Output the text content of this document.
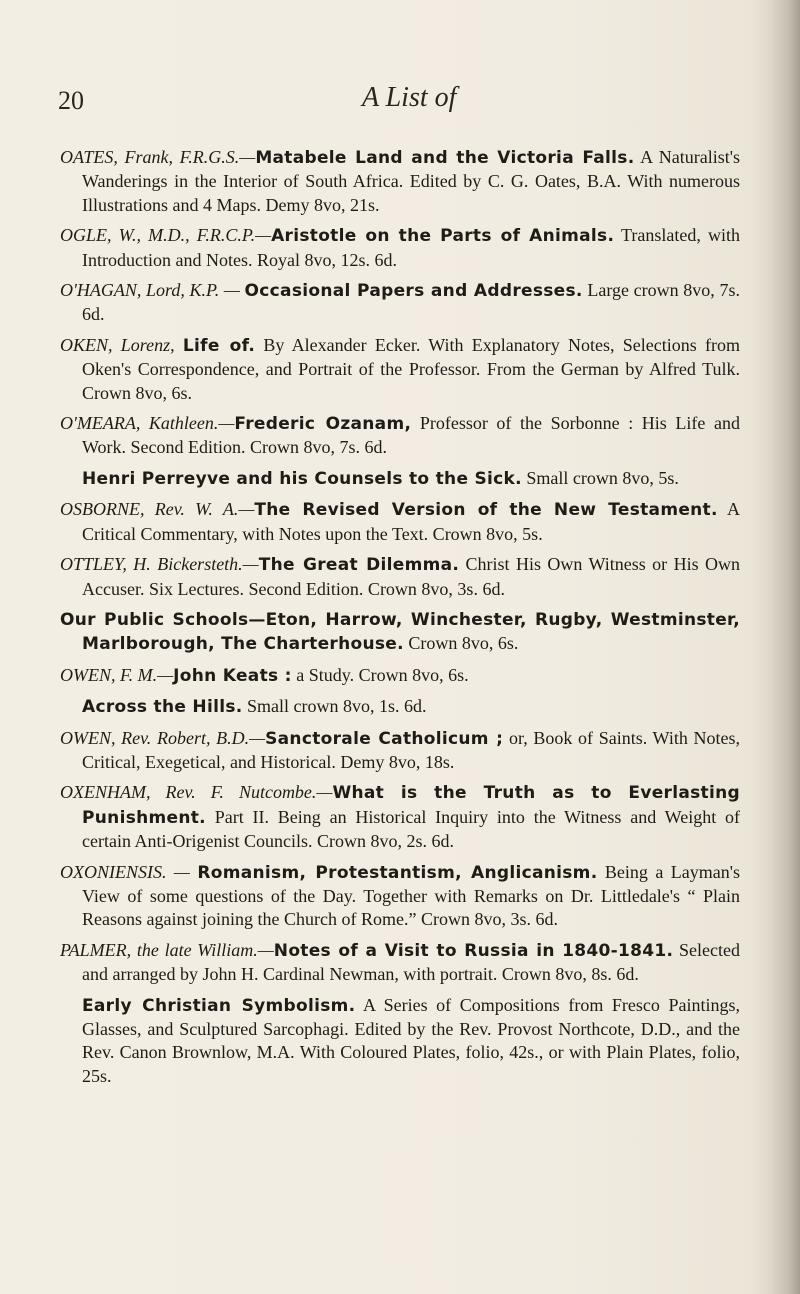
20	A List of

OATES, Frank, F.R.G.S.—Matabele Land and the Victoria Falls. A Naturalist's Wanderings in the Interior of South Africa. Edited by C. G. Oates, B.A. With numerous Illustrations and 4 Maps. Demy 8vo, 21s.

OGLE, W., M.D., F.R.C.P.—Aristotle on the Parts of Animals. Translated, with Introduction and Notes. Royal 8vo, 12s. 6d.

O'HAGAN, Lord, K.P. — Occasional Papers and Addresses. Large crown 8vo, 7s. 6d.

OKEN, Lorenz, Life of. By Alexander Ecker. With Explanatory Notes, Selections from Oken's Correspondence, and Portrait of the Professor. From the German by Alfred Tulk. Crown 8vo, 6s.

O'MEARA, Kathleen.—Frederic Ozanam, Professor of the Sorbonne : His Life and Work. Second Edition. Crown 8vo, 7s. 6d.

Henri Perreyve and his Counsels to the Sick. Small crown 8vo, 5s.

OSBORNE, Rev. W. A.—The Revised Version of the New Testament. A Critical Commentary, with Notes upon the Text. Crown 8vo, 5s.

OTTLEY, H. Bickersteth.—The Great Dilemma. Christ His Own Witness or His Own Accuser. Six Lectures. Second Edition. Crown 8vo, 3s. 6d.

Our Public Schools—Eton, Harrow, Winchester, Rugby, Westminster, Marlborough, The Charterhouse. Crown 8vo, 6s.

OWEN, F. M.—John Keats : a Study. Crown 8vo, 6s.

Across the Hills. Small crown 8vo, 1s. 6d.

OWEN, Rev. Robert, B.D.—Sanctorale Catholicum ; or, Book of Saints. With Notes, Critical, Exegetical, and Historical. Demy 8vo, 18s.

OXENHAM, Rev. F. Nutcombe.—What is the Truth as to Everlasting Punishment. Part II. Being an Historical Inquiry into the Witness and Weight of certain Anti-Origenist Councils. Crown 8vo, 2s. 6d.

OXONIENSIS. — Romanism, Protestantism, Anglicanism. Being a Layman's View of some questions of the Day. Together with Remarks on Dr. Littledale's “ Plain Reasons against joining the Church of Rome.” Crown 8vo, 3s. 6d.

PALMER, the late William.—Notes of a Visit to Russia in 1840-1841. Selected and arranged by John H. Cardinal Newman, with portrait. Crown 8vo, 8s. 6d.

Early Christian Symbolism. A Series of Compositions from Fresco Paintings, Glasses, and Sculptured Sarcophagi. Edited by the Rev. Provost Northcote, D.D., and the Rev. Canon Brownlow, M.A. With Coloured Plates, folio, 42s., or with Plain Plates, folio, 25s.
